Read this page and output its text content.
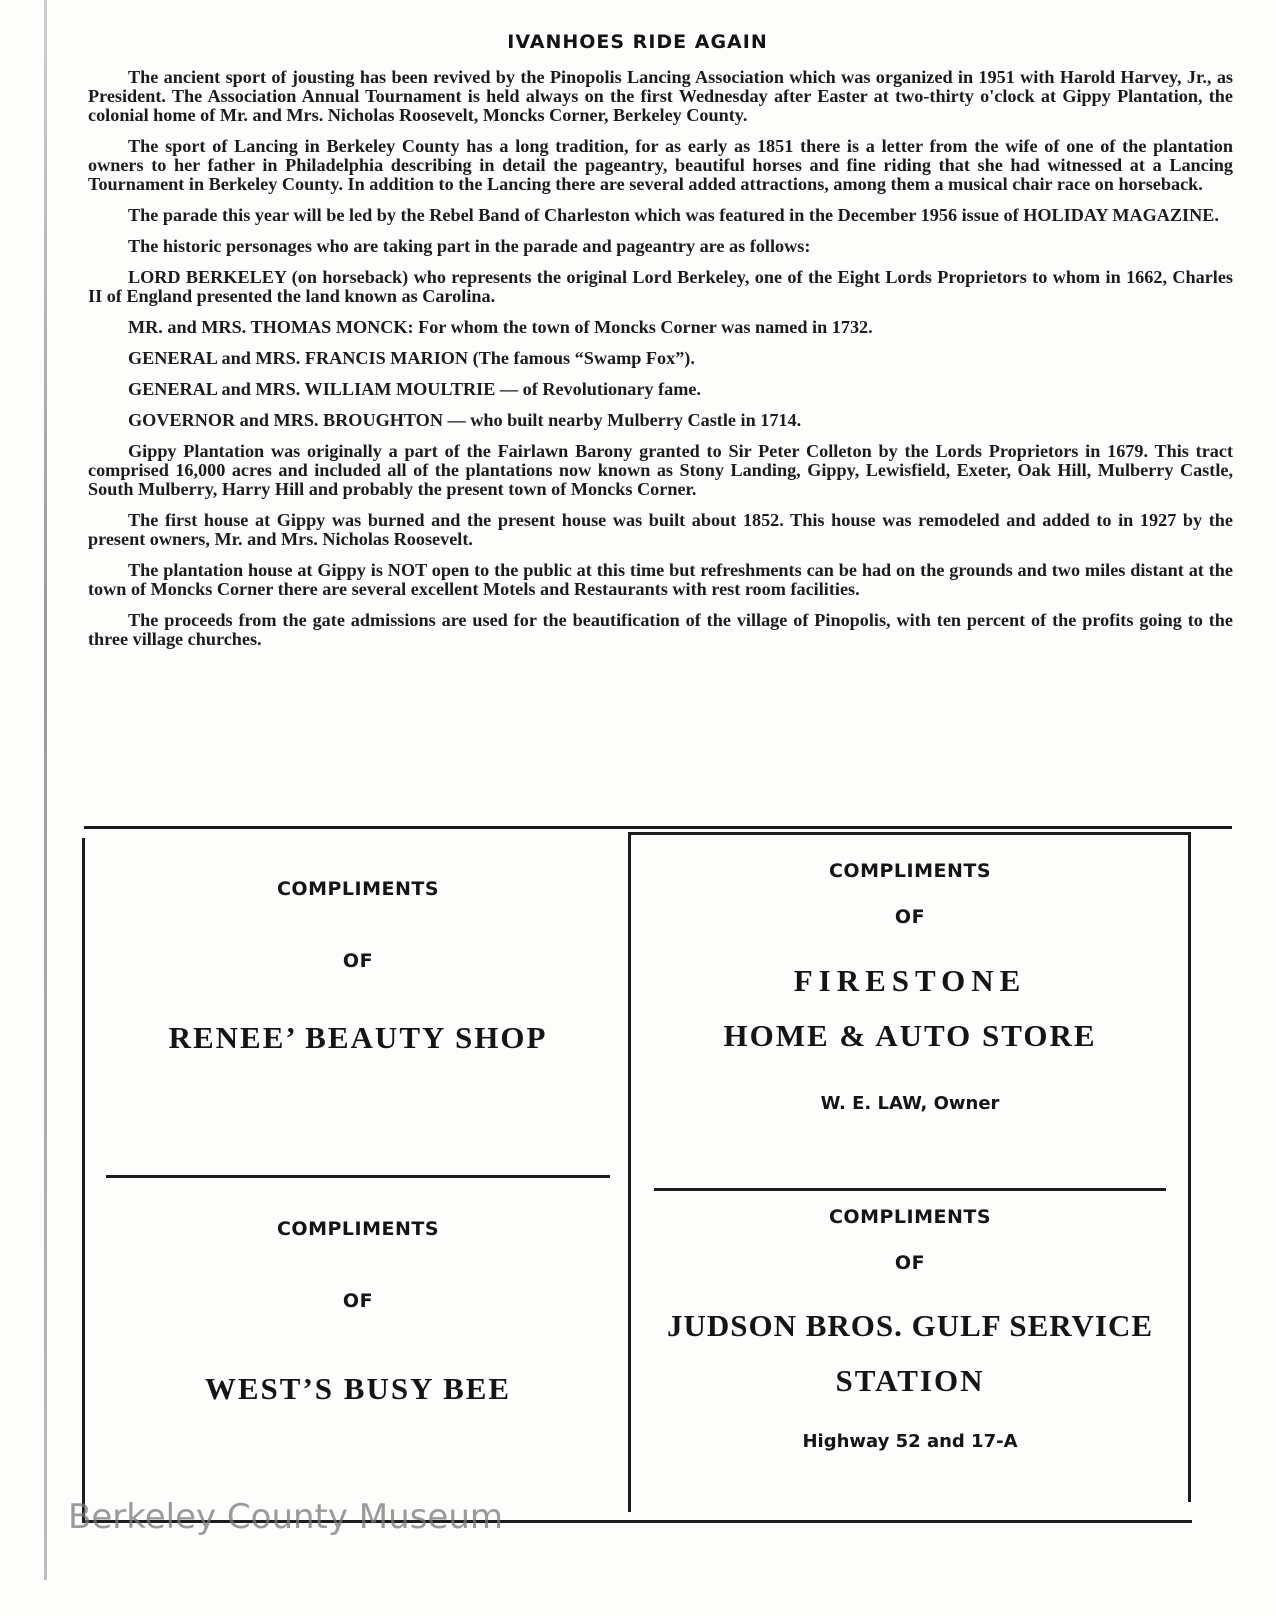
IVANHOES RIDE AGAIN

The ancient sport of jousting has been revived by the Pinopolis Lancing Association which was organized in 1951 with Harold Harvey, Jr., as President. The Association Annual Tournament is held always on the first Wednesday after Easter at two-thirty o'clock at Gippy Plantation, the colonial home of Mr. and Mrs. Nicholas Roosevelt, Moncks Corner, Berkeley County.

The sport of Lancing in Berkeley County has a long tradition, for as early as 1851 there is a letter from the wife of one of the plantation owners to her father in Philadelphia describing in detail the pageantry, beautiful horses and fine riding that she had witnessed at a Lancing Tournament in Berkeley County. In addition to the Lancing there are several added attractions, among them a musical chair race on horseback.

The parade this year will be led by the Rebel Band of Charleston which was featured in the December 1956 issue of HOLIDAY MAGAZINE.

The historic personages who are taking part in the parade and pageantry are as follows:

LORD BERKELEY (on horseback) who represents the original Lord Berkeley, one of the Eight Lords Proprietors to whom in 1662, Charles II of England presented the land known as Carolina.

MR. and MRS. THOMAS MONCK: For whom the town of Moncks Corner was named in 1732.

GENERAL and MRS. FRANCIS MARION (The famous “Swamp Fox”).

GENERAL and MRS. WILLIAM MOULTRIE — of Revolutionary fame.

GOVERNOR and MRS. BROUGHTON — who built nearby Mulberry Castle in 1714.

Gippy Plantation was originally a part of the Fairlawn Barony granted to Sir Peter Colleton by the Lords Proprietors in 1679. This tract comprised 16,000 acres and included all of the plantations now known as Stony Landing, Gippy, Lewisfield, Exeter, Oak Hill, Mulberry Castle, South Mulberry, Harry Hill and probably the present town of Moncks Corner.

The first house at Gippy was burned and the present house was built about 1852. This house was remodeled and added to in 1927 by the present owners, Mr. and Mrs. Nicholas Roosevelt.

The plantation house at Gippy is NOT open to the public at this time but refreshments can be had on the grounds and two miles distant at the town of Moncks Corner there are several excellent Motels and Restaurants with rest room facilities.

The proceeds from the gate admissions are used for the beautification of the village of Pinopolis, with ten percent of the profits going to the three village churches.

COMPLIMENTS
OF
RENEE’ BEAUTY SHOP
COMPLIMENTS
OF
FIRESTONE
HOME & AUTO STORE
W. E. LAW, Owner
COMPLIMENTS
OF
WEST’S BUSY BEE
COMPLIMENTS
OF
JUDSON BROS. GULF SERVICE
STATION
Highway 52 and 17-A
Berkeley County Museum
